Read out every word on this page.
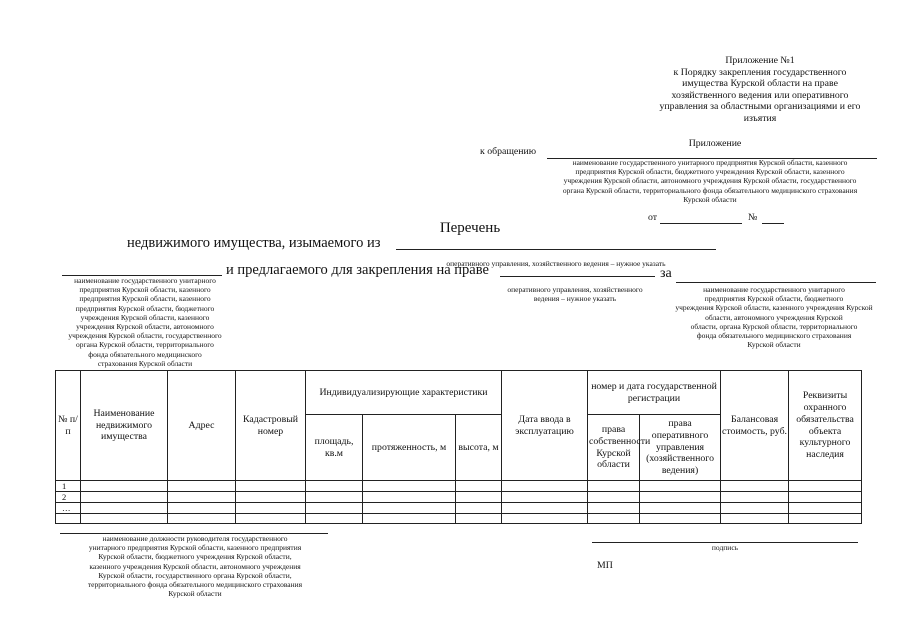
Приложение №1
к Порядку закрепления государственного
имущества Курской области на праве
хозяйственного ведения или оперативного
управления за областными организациями и его
изъятия
Приложение
к обращению
наименование государственного унитарного предприятия Курской области, казенного
предприятия Курской области, бюджетного учреждения Курской области, казенного
учреждения Курской области, автономного учреждения Курской области, государственного
органа Курской области, территориального фонда обязательного медицинского страхования
Курской области
от	№
Перечень
недвижимого имущества, изымаемого из
оперативного управления, хозяйственного ведения – нужное указать
наименование государственного унитарного
предприятия Курской области, казенного
предприятия Курской области, казенного
предприятия Курской области, бюджетного
учреждения Курской области, казенного
учреждения Курской области, автономного
учреждения Курской области, государственного
органа Курской области, территориального
фонда обязательного медицинского
страхования Курской области
и предлагаемого для закрепления на праве
оперативного управления, хозяйственного
ведения – нужное указать
за
наименование государственного унитарного
предприятия Курской области, бюджетного
учреждения Курской области, казенного учреждения Курской
области, автономного учреждения Курской
области, органа Курской области, территориального
фонда обязательного медицинского страхования
Курской области
№ п/п	Наименование недвижимого имущества	Адрес	Кадастровый номер	Индивидуализирующие характеристики			Дата ввода в эксплуатацию	номер и дата государственной регистрации		Балансовая стоимость, руб.	Реквизиты охранного обязательства объекта культурного наследия
				площадь, кв.м	протяженность, м	высота, м					
								права собственности Курской области	права оперативного управления (хозяйственного ведения)		
1											
2											
…											

наименование должности руководителя государственного
унитарного предприятия Курской области, казенного предприятия
Курской области, бюджетного учреждения Курской области,
казенного учреждения Курской области, автономного учреждения
Курской области, государственного органа Курской области,
территориального фонда обязательного медицинского страхования
Курской области
подпись
МП
